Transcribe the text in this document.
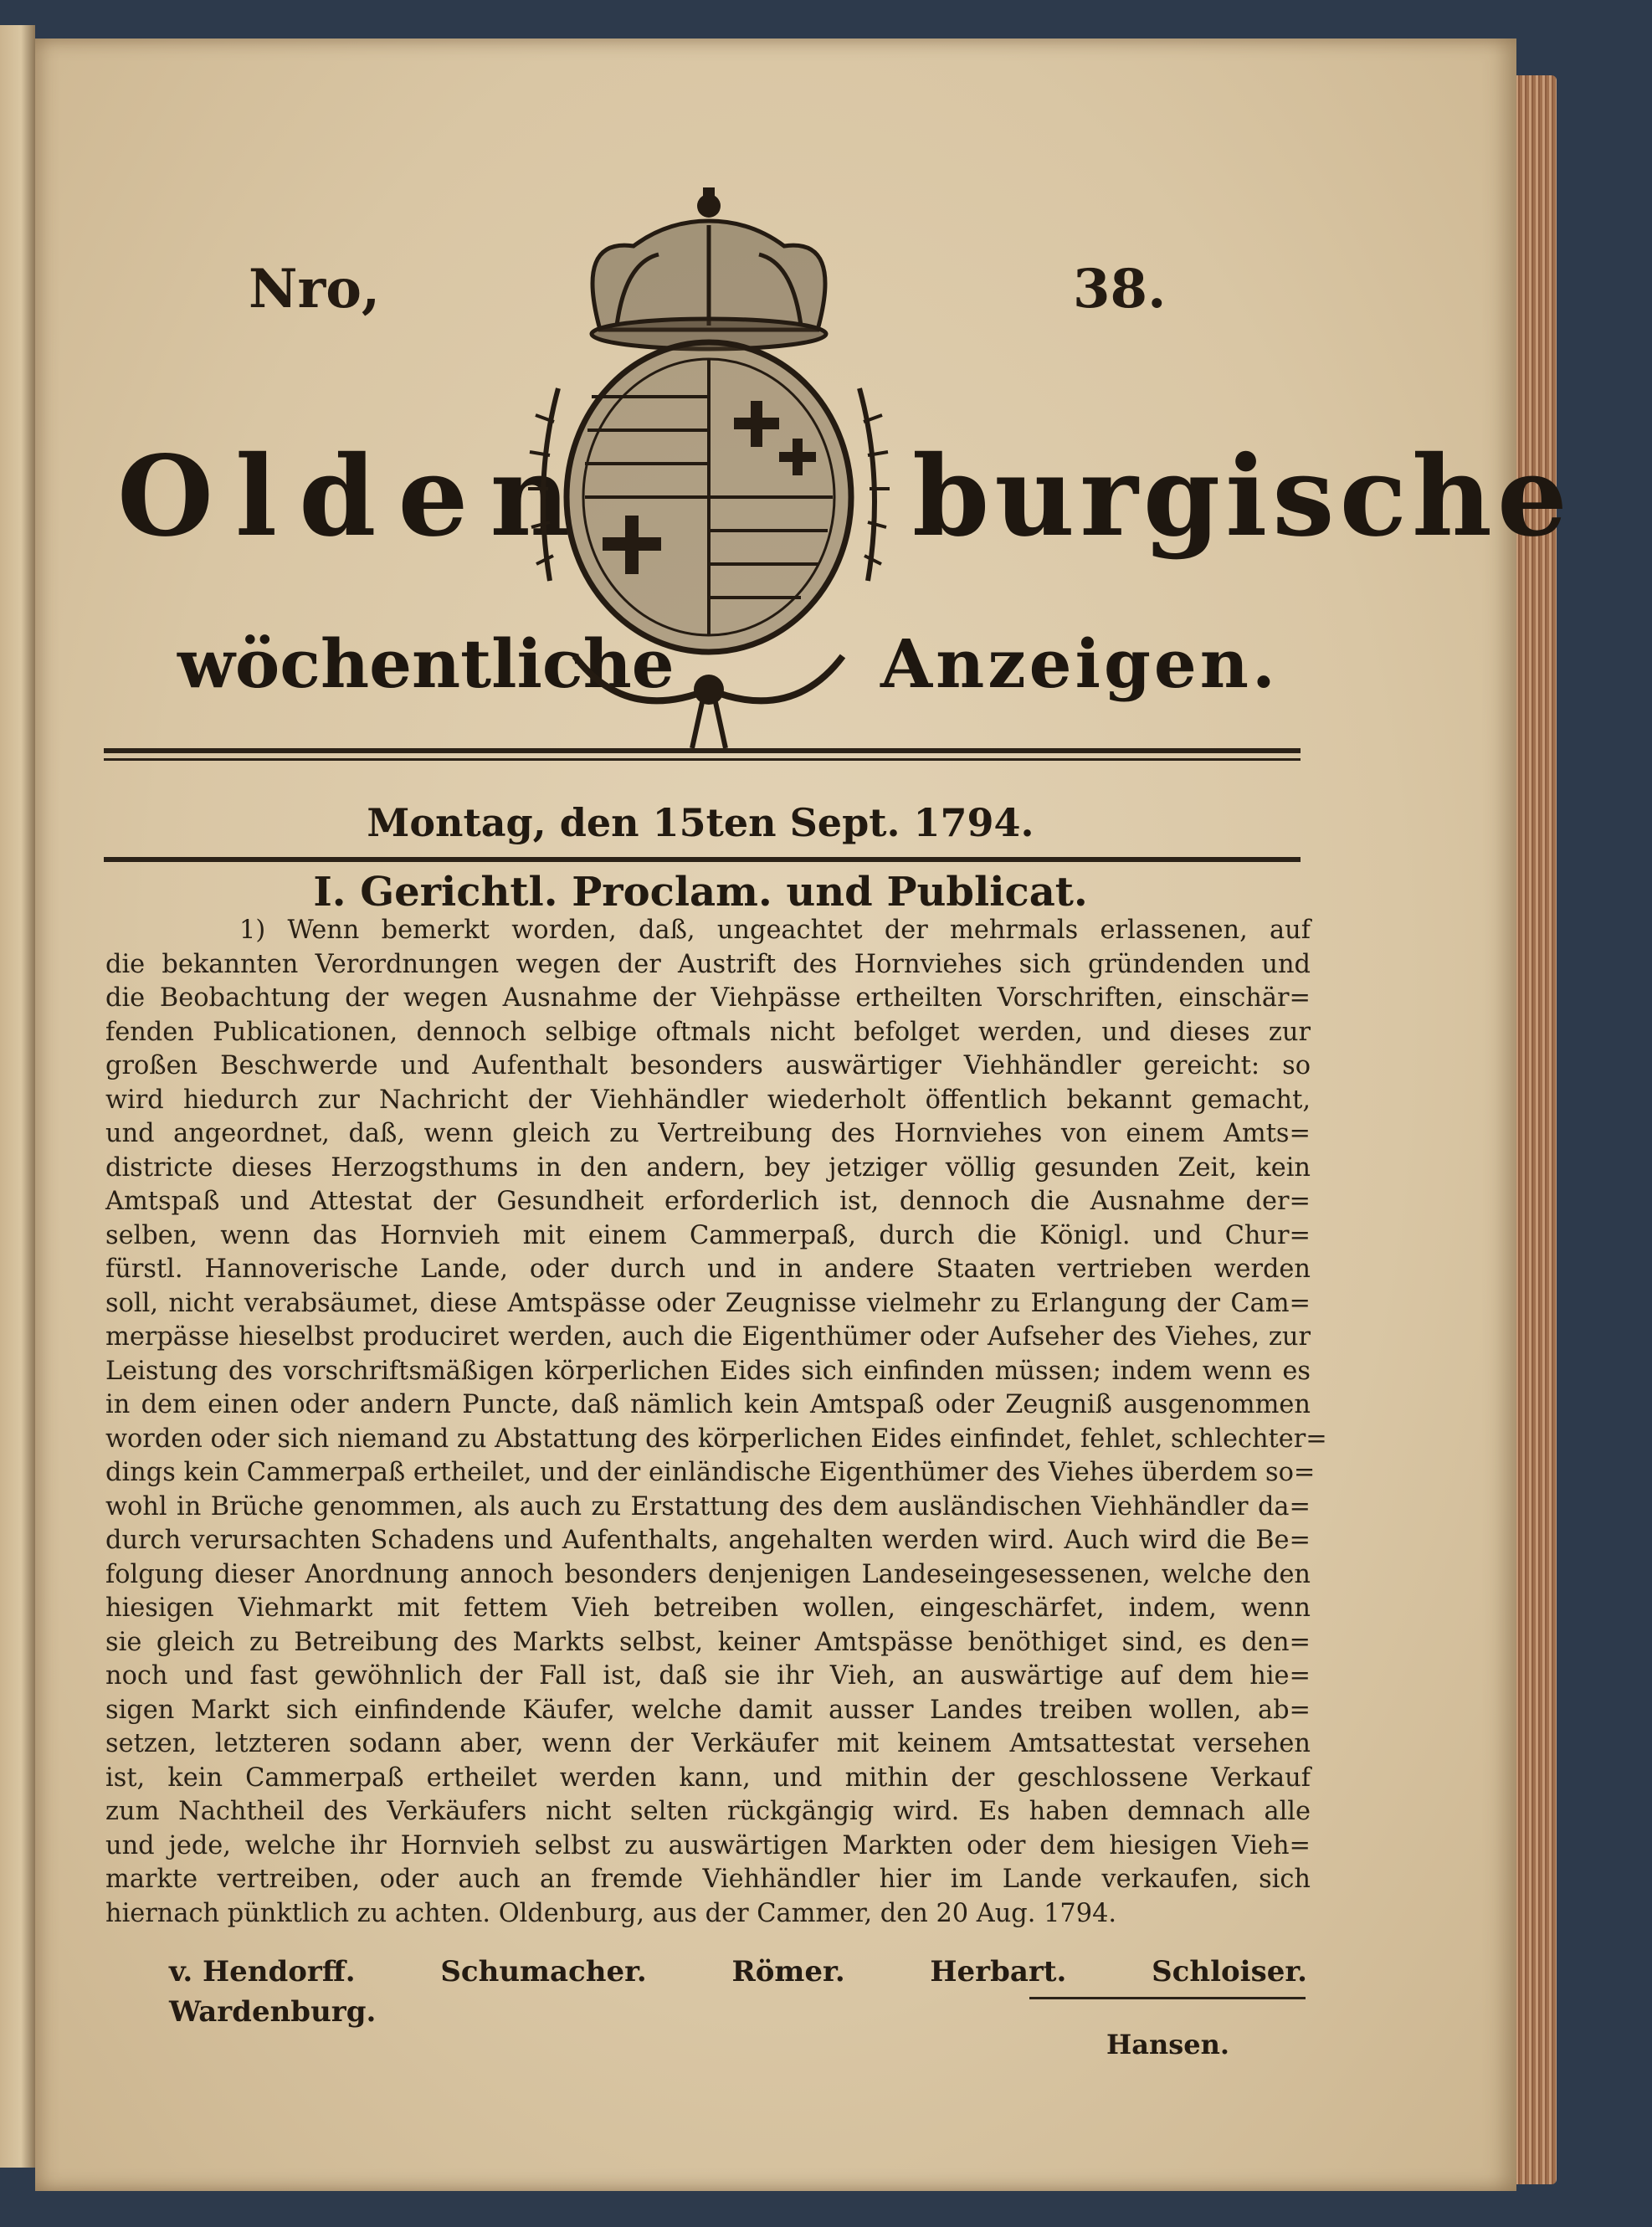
Nro,	38.
Olden	burgische
wöchentliche	Anzeigen.
Montag, den 15ten Sept. 1794.
I. Gerichtl. Proclam. und Publicat.
1) Wenn bemerkt worden, daß, ungeachtet der mehrmals erlassenen, auf
die bekannten Verordnungen wegen der Austrift des Hornviehes sich gründenden und
die Beobachtung der wegen Ausnahme der Viehpässe ertheilten Vorschriften, einschär=
fenden Publicationen, dennoch selbige oftmals nicht befolget werden, und dieses zur
großen Beschwerde und Aufenthalt besonders auswärtiger Viehhändler gereicht: so
wird hiedurch zur Nachricht der Viehhändler wiederholt öffentlich bekannt gemacht,
und angeordnet, daß, wenn gleich zu Vertreibung des Hornviehes von einem Amts=
districte dieses Herzogsthums in den andern, bey jetziger völlig gesunden Zeit, kein
Amtspaß und Attestat der Gesundheit erforderlich ist, dennoch die Ausnahme der=
selben, wenn das Hornvieh mit einem Cammerpaß, durch die Königl. und Chur=
fürstl. Hannoverische Lande, oder durch und in andere Staaten vertrieben werden
soll, nicht verabsäumet, diese Amtspässe oder Zeugnisse vielmehr zu Erlangung der Cam=
merpässe hieselbst produciret werden, auch die Eigenthümer oder Aufseher des Viehes, zur
Leistung des vorschriftsmäßigen körperlichen Eides sich einfinden müssen; indem wenn es
in dem einen oder andern Puncte, daß nämlich kein Amtspaß oder Zeugniß ausgenommen
worden oder sich niemand zu Abstattung des körperlichen Eides einfindet, fehlet, schlechter=
dings kein Cammerpaß ertheilet, und der einländische Eigenthümer des Viehes überdem so=
wohl in Brüche genommen, als auch zu Erstattung des dem ausländischen Viehhändler da=
durch verursachten Schadens und Aufenthalts, angehalten werden wird. Auch wird die Be=
folgung dieser Anordnung annoch besonders denjenigen Landeseingesessenen, welche den
hiesigen Viehmarkt mit fettem Vieh betreiben wollen, eingeschärfet, indem, wenn
sie gleich zu Betreibung des Markts selbst, keiner Amtspässe benöthiget sind, es den=
noch und fast gewöhnlich der Fall ist, daß sie ihr Vieh, an auswärtige auf dem hie=
sigen Markt sich einfindende Käufer, welche damit ausser Landes treiben wollen, ab=
setzen, letzteren sodann aber, wenn der Verkäufer mit keinem Amtsattestat versehen
ist, kein Cammerpaß ertheilet werden kann, und mithin der geschlossene Verkauf
zum Nachtheil des Verkäufers nicht selten rückgängig wird. Es haben demnach alle
und jede, welche ihr Hornvieh selbst zu auswärtigen Markten oder dem hiesigen Vieh=
markte vertreiben, oder auch an fremde Viehhändler hier im Lande verkaufen, sich
hiernach pünktlich zu achten. Oldenburg, aus der Cammer, den 20 Aug. 1794.
v. Hendorff.	Schumacher.	Römer.	Herbart.	Schloiser.
Wardenburg.
Hansen.
